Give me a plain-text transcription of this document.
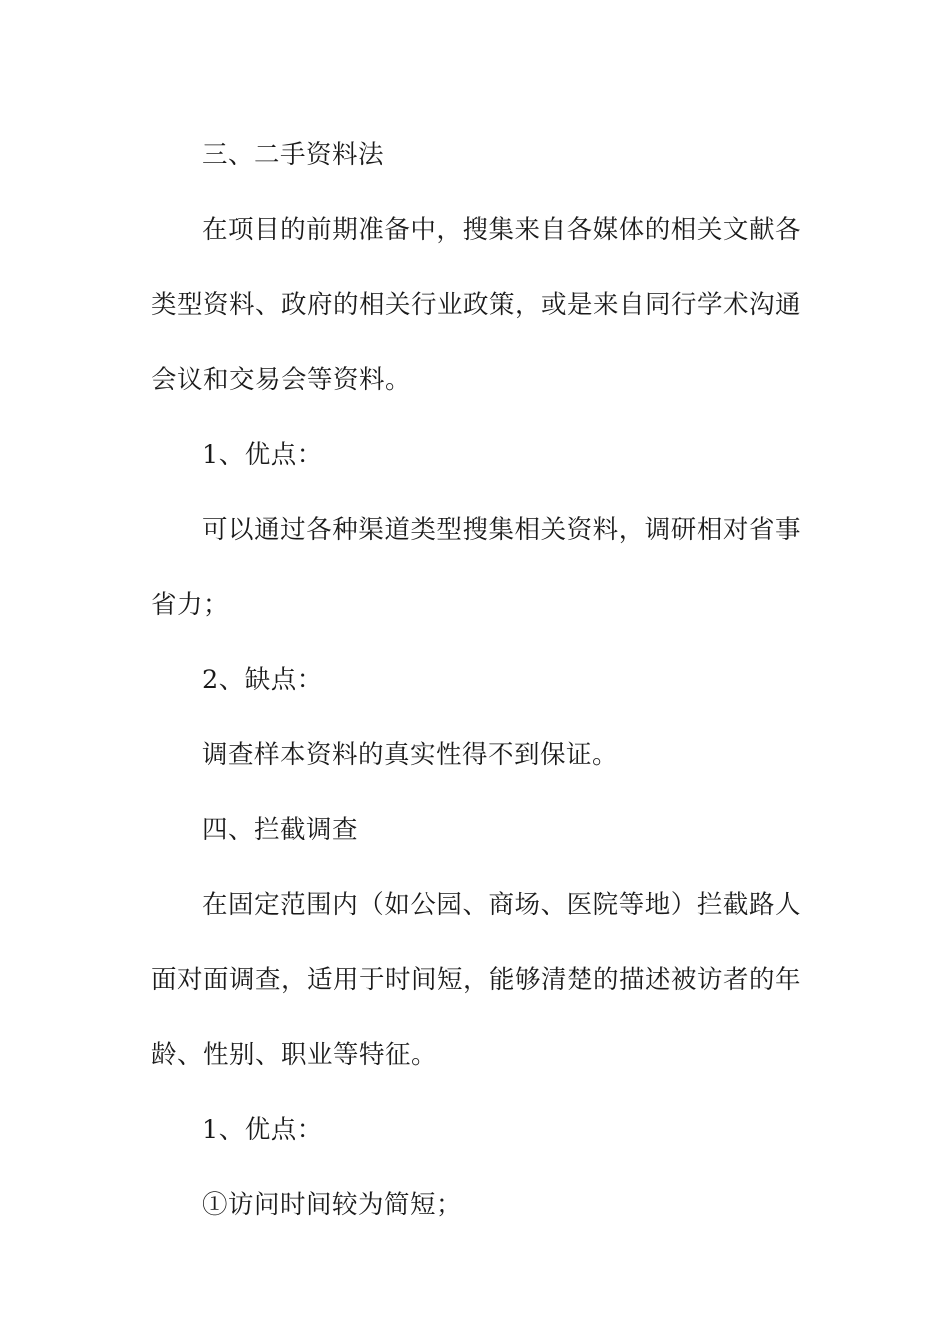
三、二手资料法

在项目的前期准备中，搜集来自各媒体的相关文献各类型资料、政府的相关行业政策，或是来自同行学术沟通会议和交易会等资料。

1、优点：

可以通过各种渠道类型搜集相关资料，调研相对省事省力；

2、缺点：

调查样本资料的真实性得不到保证。

四、拦截调查

在固定范围内（如公园、商场、医院等地）拦截路人面对面调查，适用于时间短，能够清楚的描述被访者的年龄、性别、职业等特征。

1、优点：

①访问时间较为简短；
